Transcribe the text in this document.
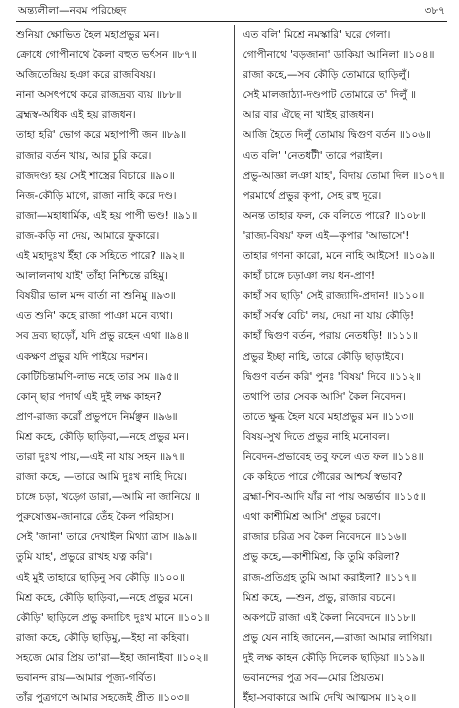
অন্ত্যলীলা—নবম পরিচ্ছেদ	৩৮৭
শুনিয়া ক্ষোভিত হৈল মহাপ্রভুর মন।
ক্রোধে গোপীনাথে কৈলা বহুত ভর্ৎসন ॥৮৭॥
অজিতেন্দ্রিয় হঞা করে রাজবিষয়।
নানা অসৎপথে করে রাজদ্রব্য ব্যয় ॥৮৮॥
ব্রহ্মস্ব-অধিক এই হয় রাজধন।
তাহা হরি' ভোগ করে মহাপাপী জন ॥৮৯॥
রাজার বর্তন খায়, আর চুরি করে।
রাজদণ্ড্য হয় সেই শাস্ত্রের বিচারে ॥৯০॥
নিজ-কৌড়ি মাগে, রাজা নাহি করে দণ্ড।
রাজা—মহাধার্মিক, এই হয় পাপী ভণ্ড! ॥৯১॥
রাজ-কড়ি না দেয়, আমারে ফুকারে।
এই মহাদুঃখ ইঁহা কে সহিতে পারে? ॥৯২॥
আলালনাথ যাই' তাঁহা নিশ্চিন্তে রহিমু।
বিষয়ীর ভাল মন্দ বার্তা না শুনিমু ॥৯৩॥
এত শুনি' কহে রাজা পাঞা মনে ব্যথা।
সব দ্রব্য ছাড়োঁ, যদি প্রভু রহেন এথা ॥৯৪॥
একক্ষণ প্রভুর যদি পাইয়ে দরশন।
কোটিচিন্তামণি-লাভ নহে তার সম ॥৯৫॥
কোন্ ছার পদার্থ এই দুই লক্ষ কাহন?
প্রাণ-রাজ্য করোঁ প্রভুপদে নির্মঞ্ছন ॥৯৬॥
মিশ্র কহে, কৌড়ি ছাড়িবা,—নহে প্রভুর মন।
তারা দুঃখ পায়,—এই না যায় সহন ॥৯৭॥
রাজা কহে, —তারে আমি দুঃখ নাহি দিয়ে।
চাঙ্গে চড়া, খড়্গে ডারা,—আমি না জানিয়ে ॥
পুরুষোত্তম-জানারে তেঁহ কৈল পরিহাস।
সেই 'জানা' তারে দেখাইল মিথ্যা ত্রাস ॥৯৯॥
তুমি যাহ', প্রভুরে রাখহ যত্ন করি'।
এই মুই তাহারে ছাড়িনু সব কৌড়ি ॥১০০॥
মিশ্র কহে, কৌড়ি ছাড়িবা,—নহে প্রভুর মনে।
কৌড়ি' ছাড়িলে প্রভু কদাচিৎ দুঃখ মানে ॥১০১॥
রাজা কহে, কৌড়ি ছাড়িমু,—ইহা না কহিবা।
সহজে মোর প্রিয় তা'রা—ইহা জানাইবা ॥১০২॥
ভবানন্দ রায়—আমার পূজ্য-গর্বিত।
তাঁর পুত্রগণে আমার সহজেই প্রীত ॥১০৩॥
এত বলি' মিশ্রে নমস্কারি' ঘরে গেলা।
গোপীনাথে 'বড়জানা' ডাকিয়া আনিলা ॥১০৪॥
রাজা কহে,—সব কৌড়ি তোমারে ছাড়িলুঁ।
সেই মালজাঠ্যা-দণ্ডপাট তোমারে ত' দিলুঁ ॥
আর বার ঐছে না খাইহ রাজধন।
আজি হৈতে দিলুঁ তোমায় দ্বিগুণ বর্তন ॥১০৬॥
এত বলি' 'নেতধটী' তারে পরাইল।
প্রভু-আজ্ঞা লঞা যাহ', বিদায় তোমা দিল ॥১০৭॥
পরমার্থে প্রভুর কৃপা, সেহ রহু দূরে।
অনন্ত তাহার ফল, কে বলিতে পারে? ॥১০৮॥
'রাজ্য-বিষয়' ফল এই—কৃপার 'আভাসে'!
তাহার গণনা কারো, মনে নাহি আইসে! ॥১০৯॥
কাহাঁ চাঙ্গে চড়াঞা লয় ধন-প্রাণ!
কাহাঁ সব ছাড়ি' সেই রাজ্যাদি-প্রদান! ॥১১০॥
কাহাঁ সর্বস্ব বেচি' লয়, দেয়া না যায় কৌড়ি!
কাহাঁ দ্বিগুণ বর্তন, পরায় নেতধড়ি! ॥১১১॥
প্রভুর ইচ্ছা নাহি, তারে কৌড়ি ছাড়াইবে।
দ্বিগুণ বর্তন করি' পুনঃ 'বিষয়' দিবে ॥১১২॥
তথাপি তার সেবক আসি' কৈল নিবেদন।
তাতে ক্ষুব্ধ হৈল যবে মহাপ্রভুর মন ॥১১৩॥
বিষয়-সুখ দিতে প্রভুর নাহি মনোবল।
নিবেদন-প্রভাবেহ তবু ফলে এত ফল ॥১১৪॥
কে কহিতে পারে গৌরের আশ্চর্য স্বভাব?
ব্রহ্মা-শিব-আদি যাঁর না পায় অন্তর্ভাব ॥১১৫॥
এথা কাশীমিশ্র আসি' প্রভুর চরণে।
রাজার চরিত্র সব কৈল নিবেদনে ॥১১৬॥
প্রভু কহে,—কাশীমিশ্র, কি তুমি করিলা?
রাজ-প্রতিগ্রহ তুমি আমা করাইলা? ॥১১৭॥
মিশ্র কহে, —শুন, প্রভু, রাজার বচনে।
অকপটে রাজা এই কৈলা নিবেদনে ॥১১৮॥
প্রভু যেন নাহি জানেন,—রাজা আমার লাগিয়া।
দুই লক্ষ কাহন কৌড়ি দিলেক ছাড়িয়া ॥১১৯॥
ভবানন্দের পুত্র সব—মোর প্রিয়তম।
ইঁহা-সবাকারে আমি দেখি আত্মসম ॥১২০॥
